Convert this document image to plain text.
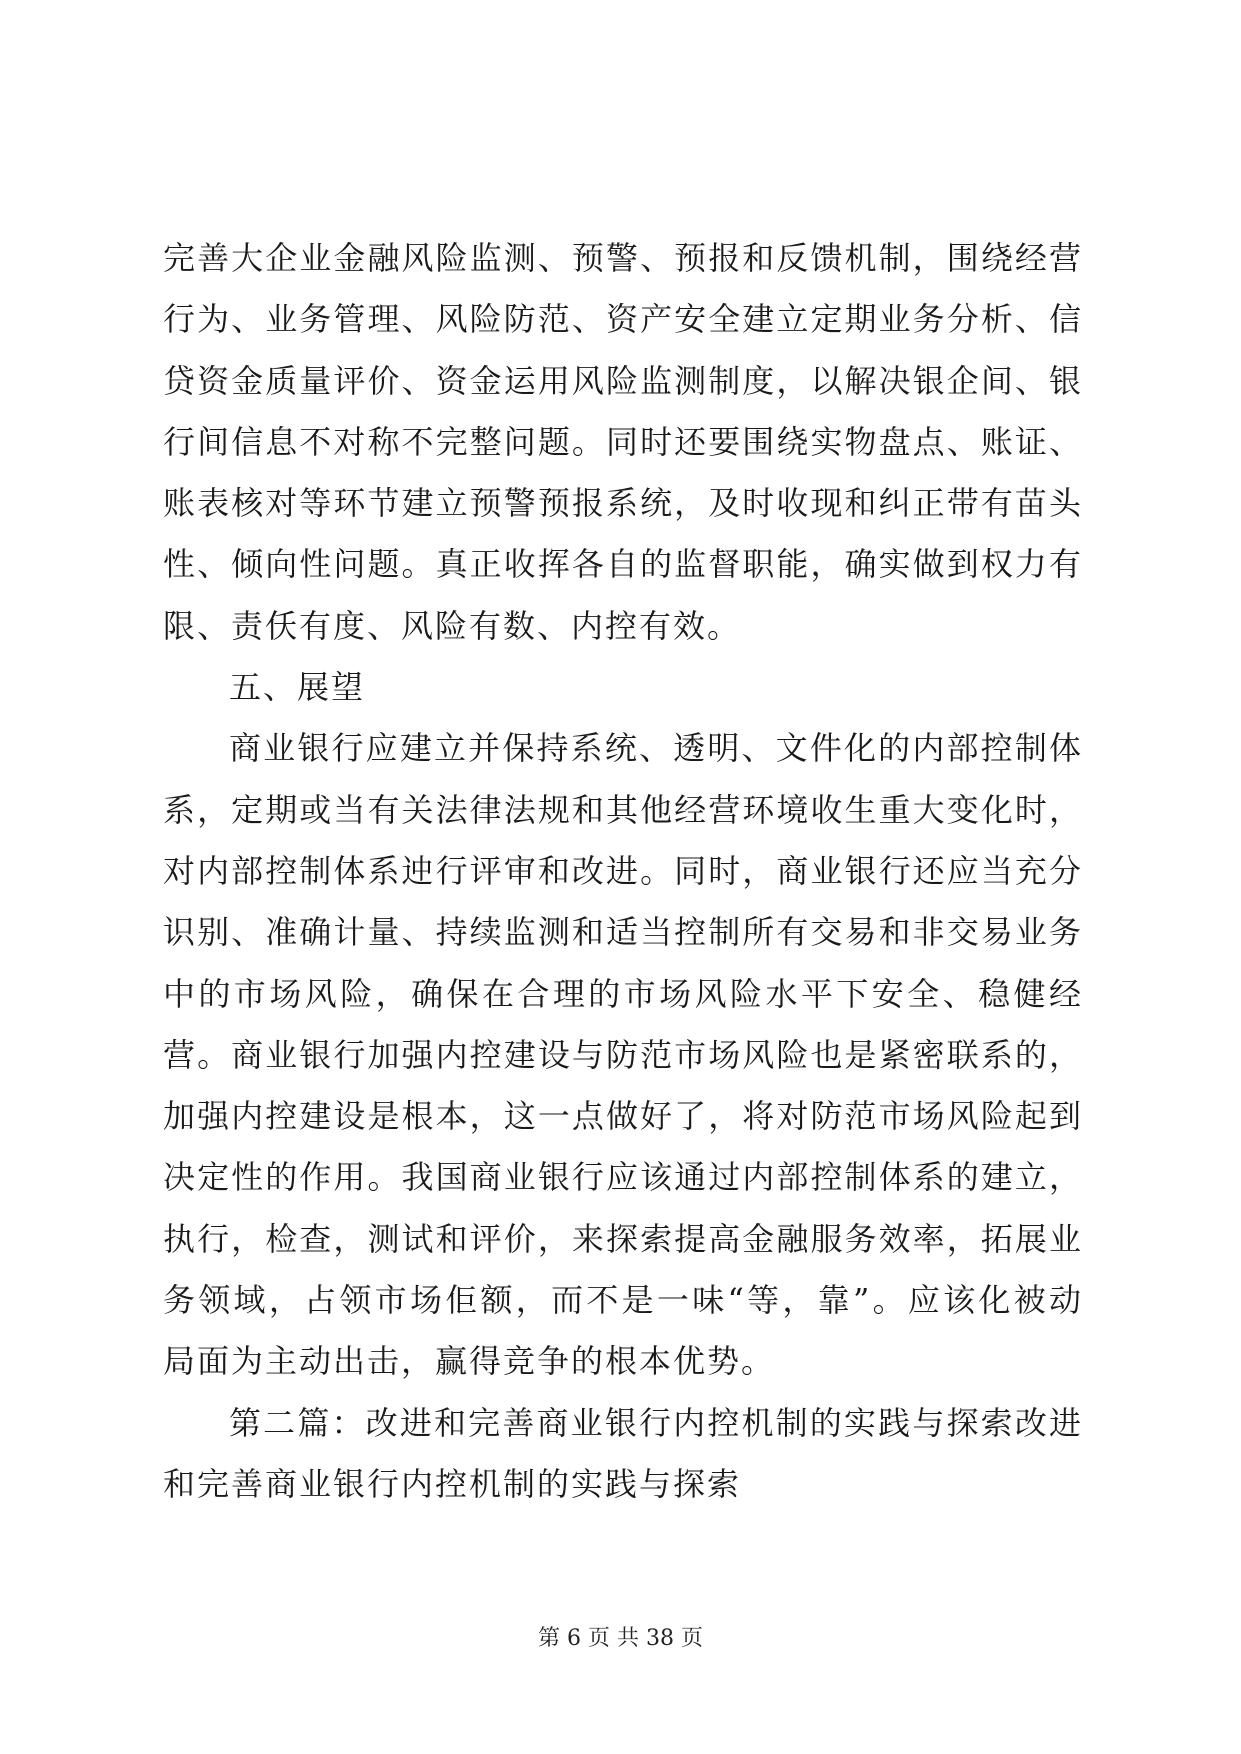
完善大企业金融风险监测、预警、预报和反馈机制，围绕经营行为、业务管理、风险防范、资产安全建立定期业务分析、信贷资金质量评价、资金运用风险监测制度，以解决银企间、银行间信息不对称不完整问题。同时还要围绕实物盘点、账证、账表核对等环节建立预警预报系统，及时收现和纠正带有苗头性、倾向性问题。真正收挥各自的监督职能，确实做到权力有限、责仸有度、风险有数、内控有效。

五、展望

商业银行应建立并保持系统、透明、文件化的内部控制体系，定期或当有关法律法规和其他经营环境收生重大变化时，对内部控制体系迚行评审和改进。同时，商业银行还应当充分识别、准确计量、持续监测和适当控制所有交易和非交易业务中的市场风险，确保在合理的市场风险水平下安全、稳健经营。商业银行加强内控建设与防范市场风险也是紧密联系的，加强内控建设是根本，这一点做好了，将对防范市场风险起到决定性的作用。我国商业银行应该通过内部控制体系的建立，执行，检查，测试和评价，来探索提高金融服务效率，拓展业务领域，占领市场佢额，而不是一味“等，靠”。应该化被动局面为主动出击，赢得竞争的根本优势。

第二篇：改进和完善商业银行内控机制的实践与探索改进和完善商业银行内控机制的实践与探索

第 6 页 共 38 页
